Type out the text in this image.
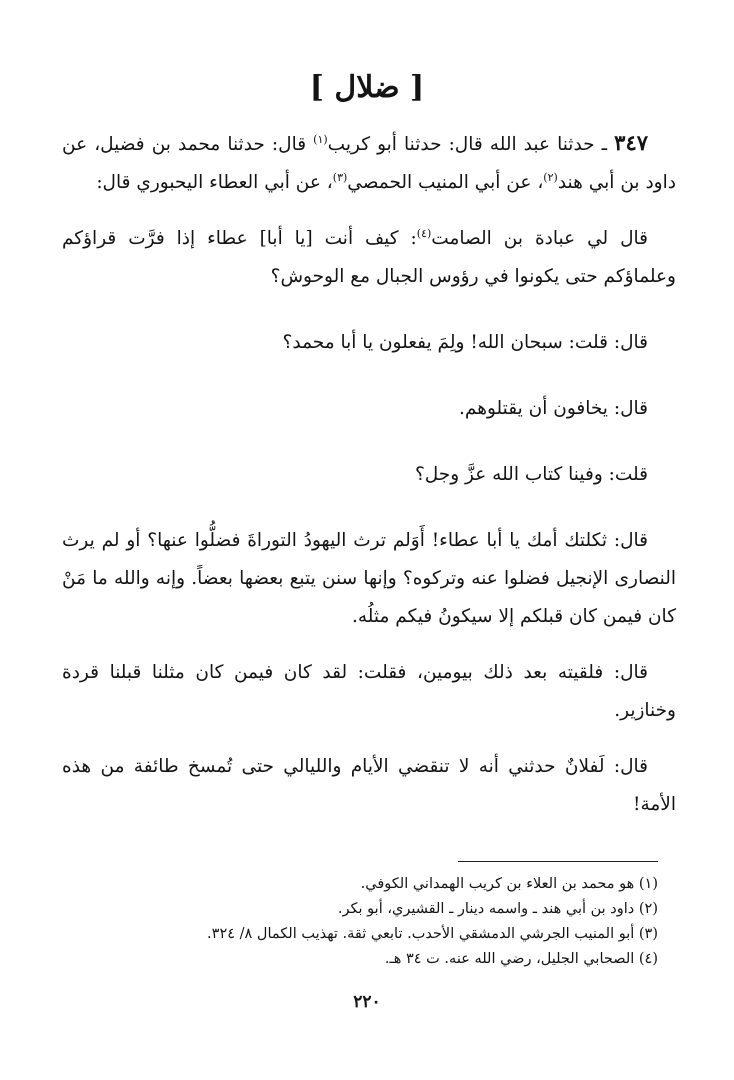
[ ضلال ]

٣٤٧ ـ حدثنا عبد الله قال: حدثنا أبو كريب$^{(١)}$ قال: حدثنا محمد بن فضيل، عن داود بن أبي هند$^{(٢)}$، عن أبي المنيب الحمصي$^{(٣)}$، عن أبي العطاء اليحبوري قال:

قال لي عبادة بن الصامت$^{(٤)}$: كيف أنت [يا أبا] عطاء إذا فرَّت قراؤكم وعلماؤكم حتى يكونوا في رؤوس الجبال مع الوحوش؟

قال: قلت: سبحان الله! ولِمَ يفعلون يا أبا محمد؟

قال: يخافون أن يقتلوهم.

قلت: وفينا كتاب الله عزَّ وجل؟

قال: ثكلتك أمك يا أبا عطاء! أَوَلم ترث اليهودُ التوراةَ فضلُّوا عنها؟ أو لم يرث النصارى الإنجيل فضلوا عنه وتركوه؟ وإنها سنن يتبع بعضها بعضاً. وإنه والله ما مَنْ كان فيمن كان قبلكم إلا سيكونُ فيكم مثلُه.

قال: فلقيته بعد ذلك بيومين، فقلت: لقد كان فيمن كان مثلنا قبلنا قردة وخنازير.

قال: لَفلانٌ حدثني أنه لا تنقضي الأيام والليالي حتى تُمسخ طائفة من هذه الأمة!

(١) هو محمد بن العلاء بن كريب الهمداني الكوفي.
(٢) داود بن أبي هند ـ واسمه دينار ـ القشيري، أبو بكر.
(٣) أبو المنيب الجرشي الدمشقي الأحدب. تابعي ثقة. تهذيب الكمال ٨/ ٣٢٤.
(٤) الصحابي الجليل، رضي الله عنه. ت ٣٤ هـ.
٢٢٠
